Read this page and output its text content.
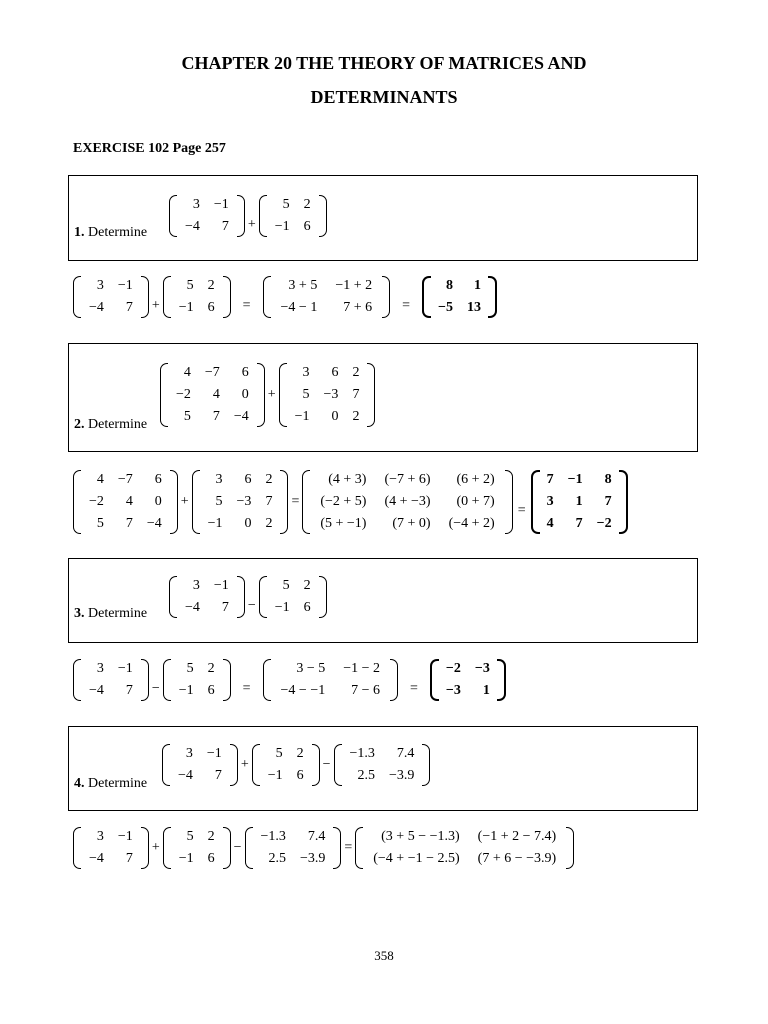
CHAPTER 20 THE THEORY OF MATRICES AND
DETERMINANTS
EXERCISE 102 Page 257
1. Determine
3	−1
−4	7 +
5	2
−1	6
3	−1
−4	7 +
5	2
−1	6 =
3 + 5	−1 + 2
−4 − 1	7 + 6 =
8	1
−5	13
2. Determine
4	−7	6
−2	4	0
5	7	−4
+
3	6	2
5	−3	7
−1	0	2
4	−7	6
−2	4	0
5	7	−4
+
3	6	2
5	−3	7
−1	0	2
=
(4 + 3)	(−7 + 6)	(6 + 2)
(−2 + 5)	(4 + −3)	(0 + 7)
(5 + −1)	(7 + 0)	(−4 + 2)
=
7	−1	8
3	1	7
4	7	−2
3. Determine
3	−1
−4	7 −
5	2
−1	6
3	−1
−4	7 −
5	2
−1	6 =
3 − 5	−1 − 2
−4 − −1	7 − 6 =
−2	−3
−3	1
4. Determine
3	−1
−4	7
+
5	2
−1	6
−
−1.3	7.4
2.5	−3.9
3	−1
−4	7
+
5	2
−1	6
−
−1.3	7.4
2.5	−3.9
=
(3 + 5 − −1.3)	(−1 + 2 − 7.4)
(−4 + −1 − 2.5)	(7 + 6 − −3.9)
358
